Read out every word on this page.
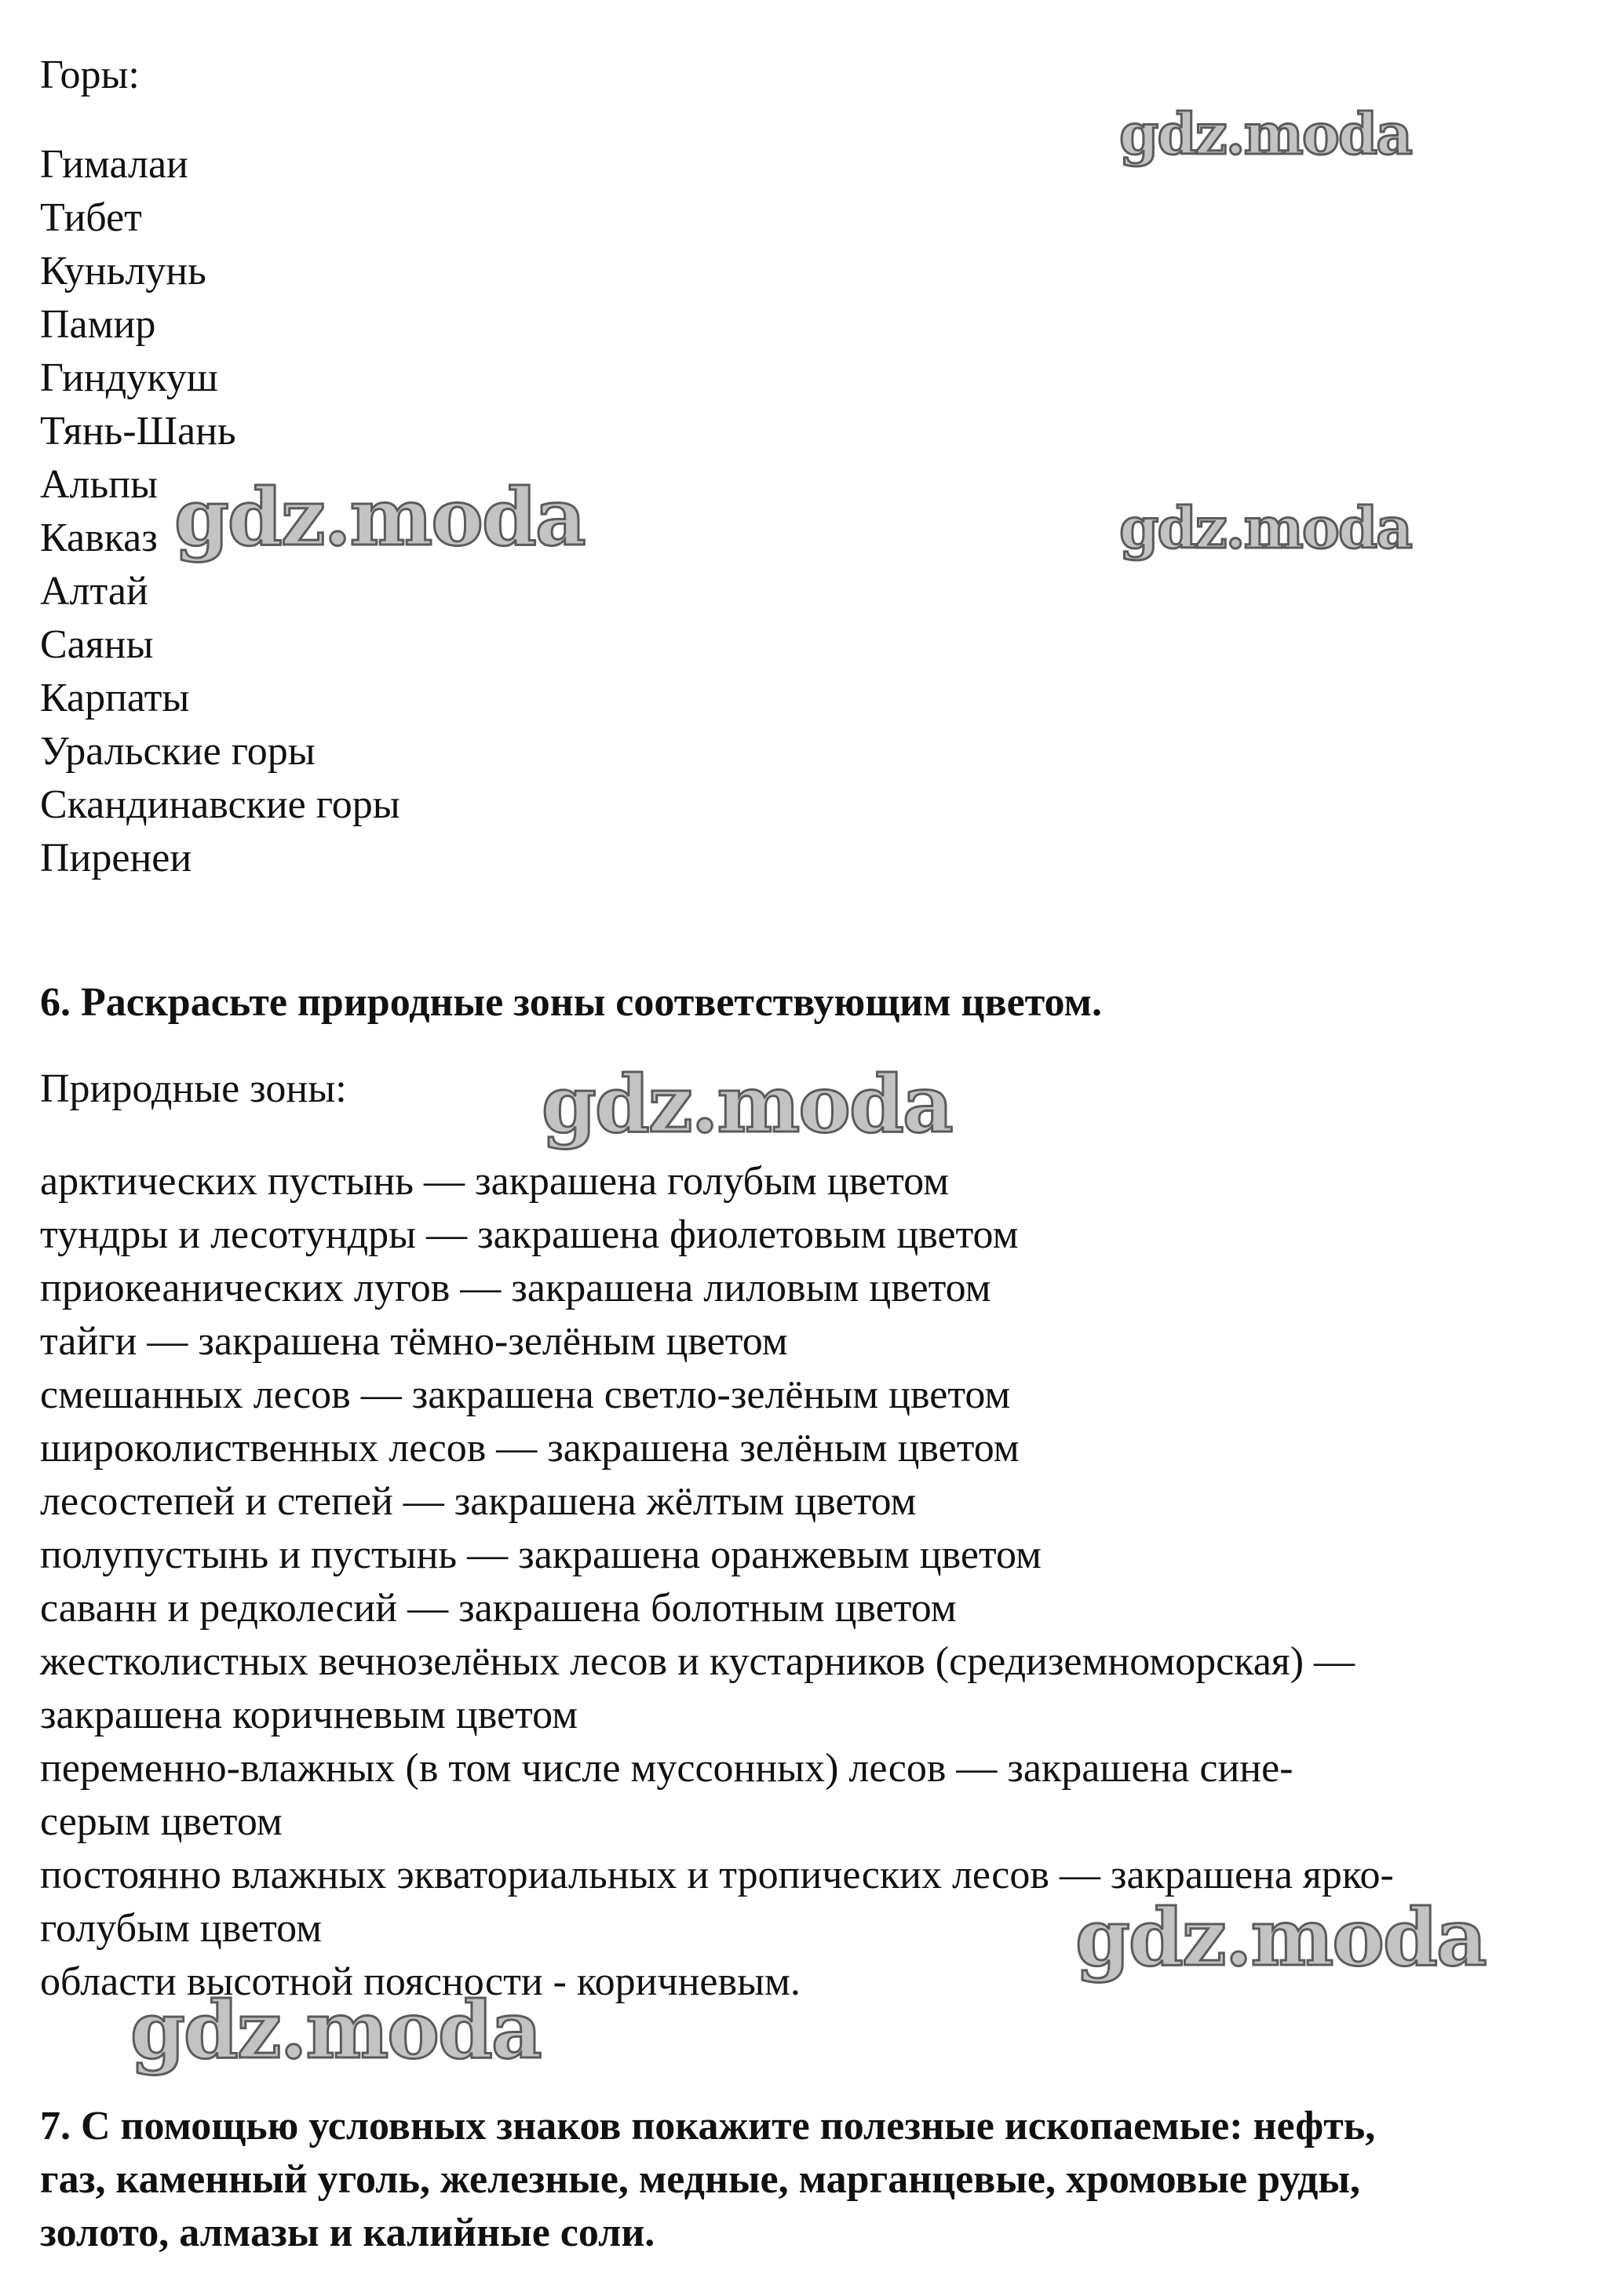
Горы:
Гималаи
Тибет
Куньлунь
Памир
Гиндукуш
Тянь-Шань
Альпы
Кавказ
Алтай
Саяны
Карпаты
Уральские горы
Скандинавские горы
Пиренеи
6. Раскрасьте природные зоны соответствующим цветом.
Природные зоны:
арктических пустынь — закрашена голубым цветом
тундры и лесотундры — закрашена фиолетовым цветом
приокеанических лугов — закрашена лиловым цветом
тайги — закрашена тёмно-зелёным цветом
смешанных лесов — закрашена светло-зелёным цветом
широколиственных лесов — закрашена зелёным цветом
лесостепей и степей — закрашена жёлтым цветом
полупустынь и пустынь — закрашена оранжевым цветом
саванн и редколесий — закрашена болотным цветом
жестколистных вечнозелёных лесов и кустарников (средиземноморская) —
закрашена коричневым цветом
переменно-влажных (в том числе муссонных) лесов — закрашена сине-
серым цветом
постоянно влажных экваториальных и тропических лесов — закрашена ярко-
голубым цветом
области высотной поясности - коричневым.
7. С помощью условных знаков покажите полезные ископаемые: нефть,
газ, каменный уголь, железные, медные, марганцевые, хромовые руды,
золото, алмазы и калийные соли.
gdz.moda
gdz.moda	gdz.moda
gdz.moda
gdz.moda
gdz.moda
